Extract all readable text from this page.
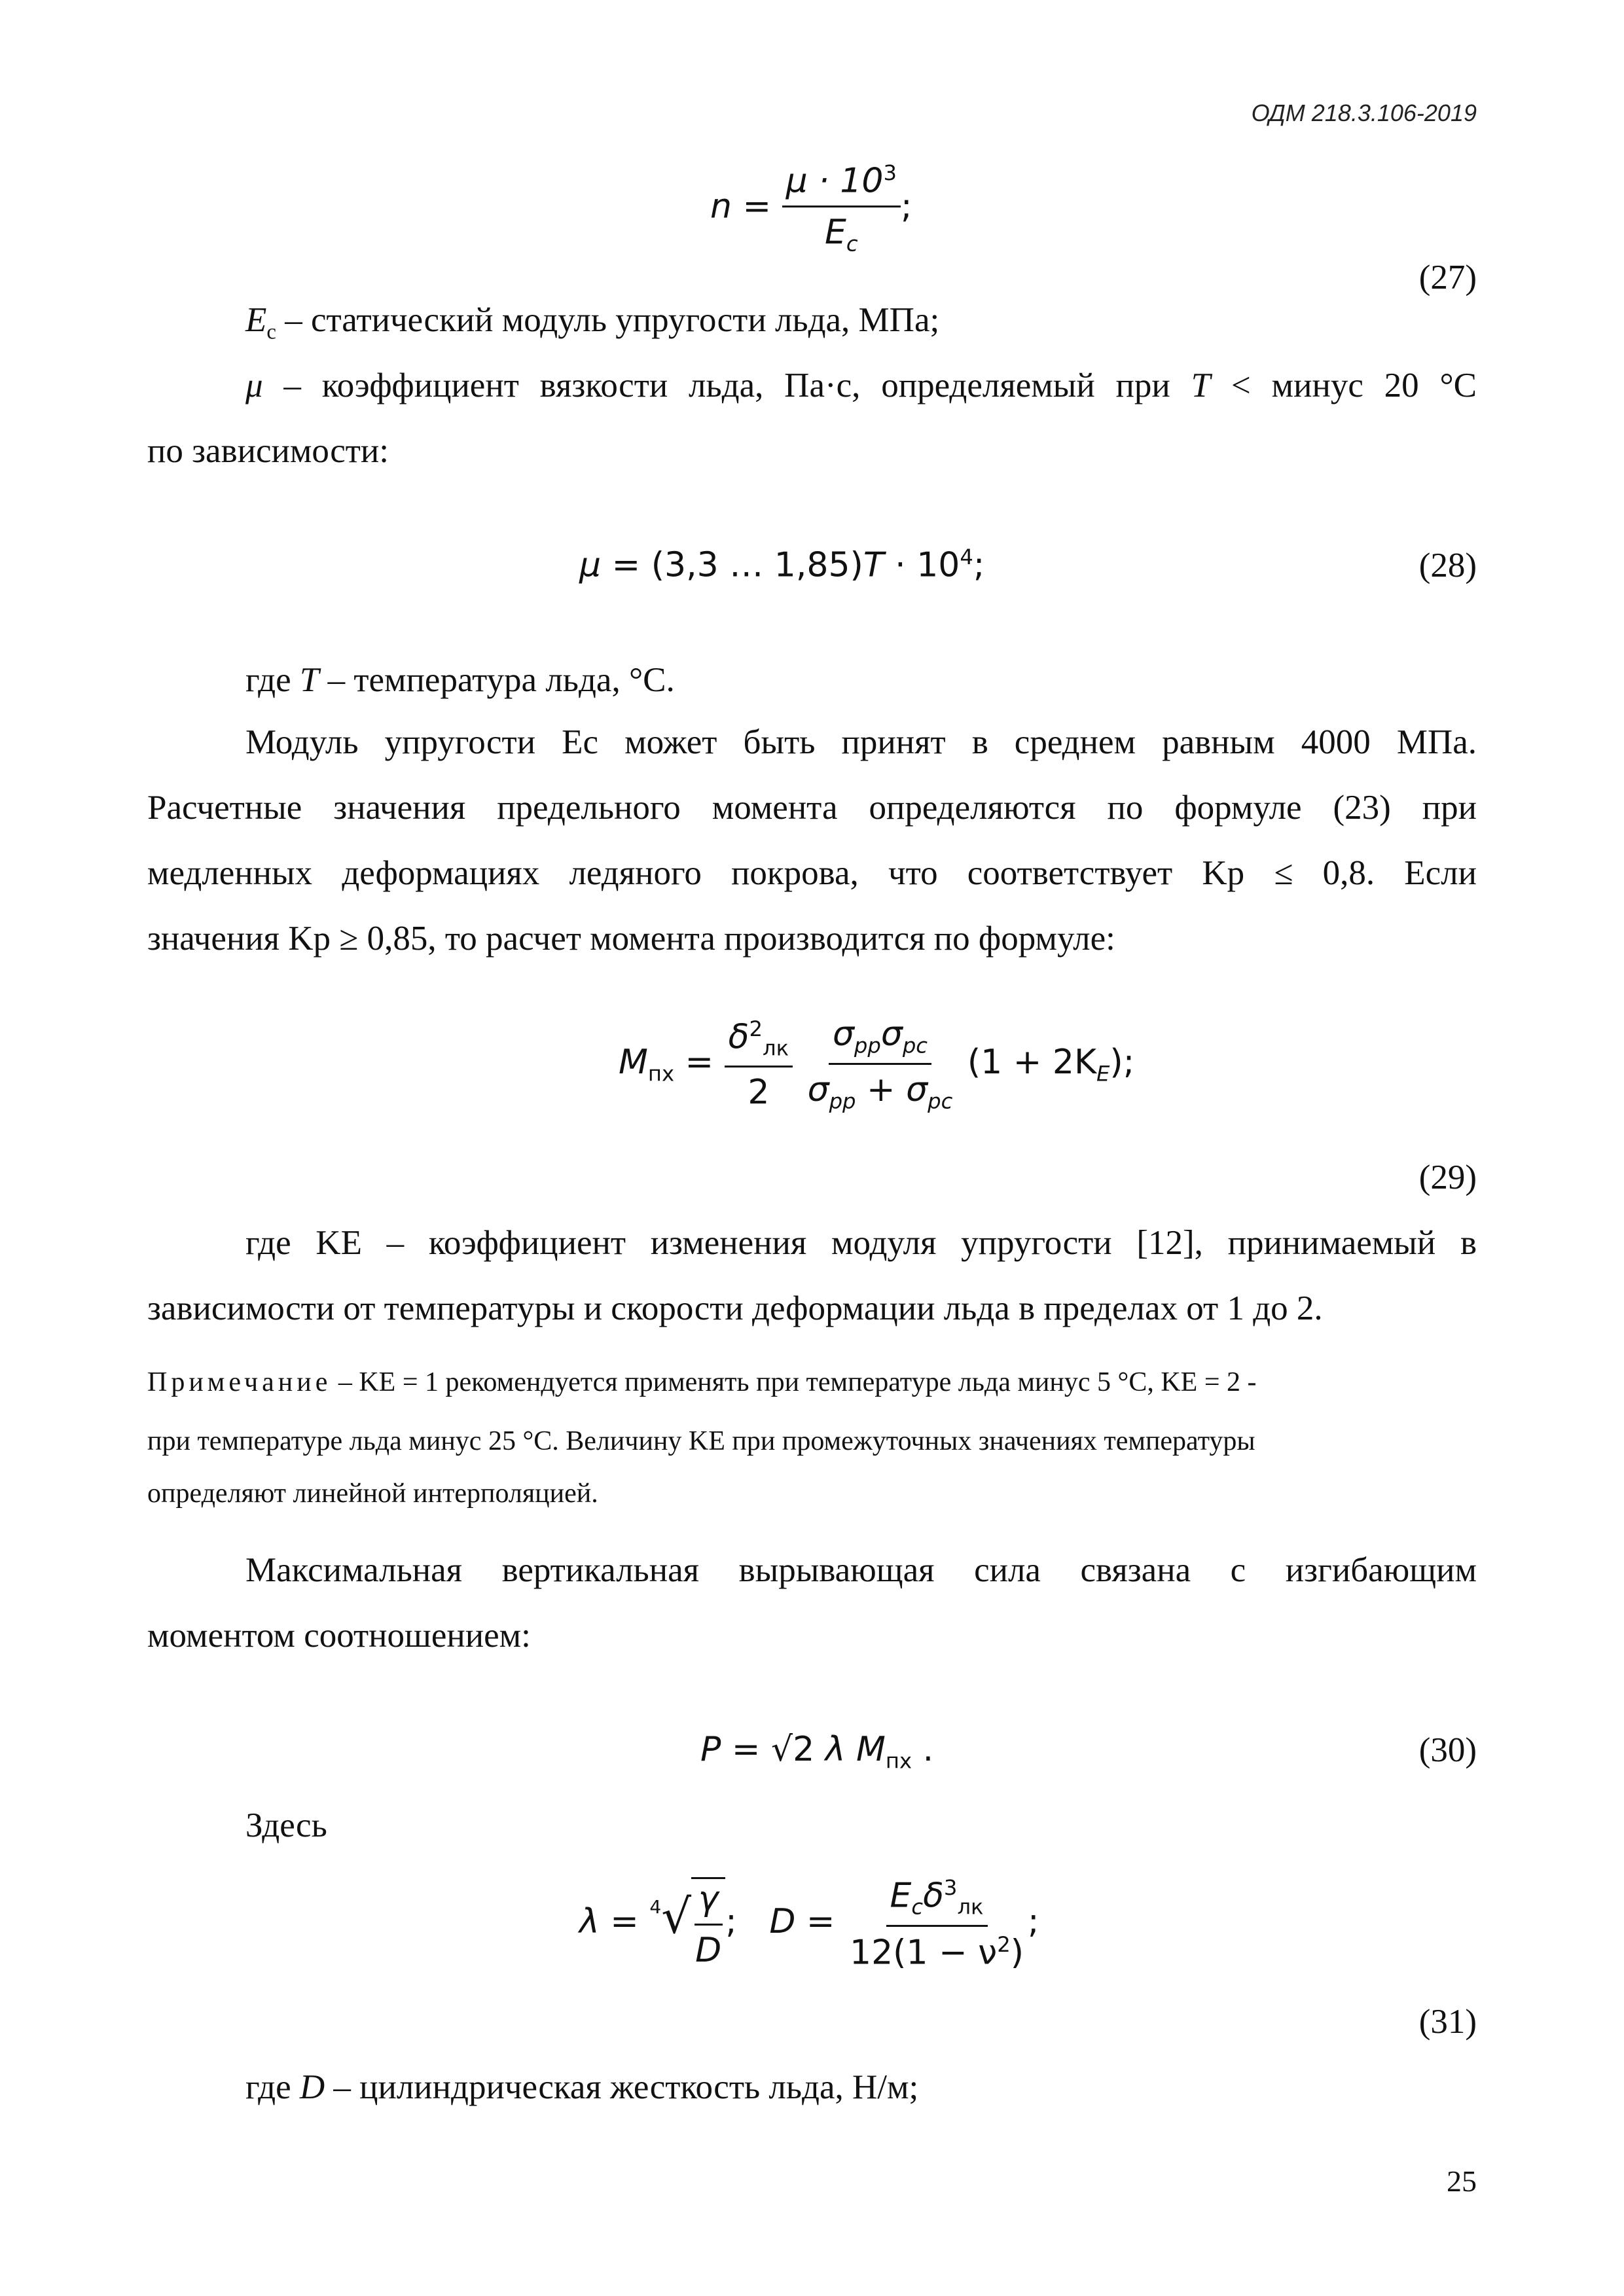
ОДМ 218.3.106-2019
$n = \frac{\mu \cdot 10^3}{E_c}$ ;
(27)
$E_c$ – статический модуль упругости льда, МПа;
μ – коэффициент вязкости льда, Па·с, определяемый при T < минус 20 °С
по зависимости:
μ = (3,3 … $1,85)T \cdot 10^4$;	(28)
где T – температура льда, °С.
Модуль упругости Eс может быть принят в среднем равным 4000 МПа.
Расчетные значения предельного момента определяются по формуле (23) при
медленных деформациях ледяного покрова, что соответствует Kр ≤ 0,8. Если
значения Kр ≥ 0,85, то расчет момента производится по формуле:
$M_{пх} = \frac{\delta^2_{лк}}{2}$
$\frac{\sigma_{pp}\sigma_{pc}}{\sigma_{pp} + \sigma_{pc}} (1 + 2K_E)$;
(29)
где KЕ – коэффициент изменения модуля упругости [12], принимаемый в
зависимости от температуры и скорости деформации льда в пределах от 1 до 2.
Примечание – KЕ = 1 рекомендуется применять при температуре льда минус 5 °С, KЕ = 2 -
при температуре льда минус 25 °С. Величину KЕ при промежуточных значениях температуры
определяют линейной интерполяцией.
Максимальная вертикальная вырывающая сила связана с изгибающим
моментом соотношением:
P = √2 λ $M_{пх}$ .	(30)
Здесь
$\lambda = ^4√ \frac{\gamma}{D}$ ; $D = \frac{E_c\delta^3_{лк}}{12(1 - \nu^2)}$ ;
(31)
где D – цилиндрическая жесткость льда, Н/м;
25
